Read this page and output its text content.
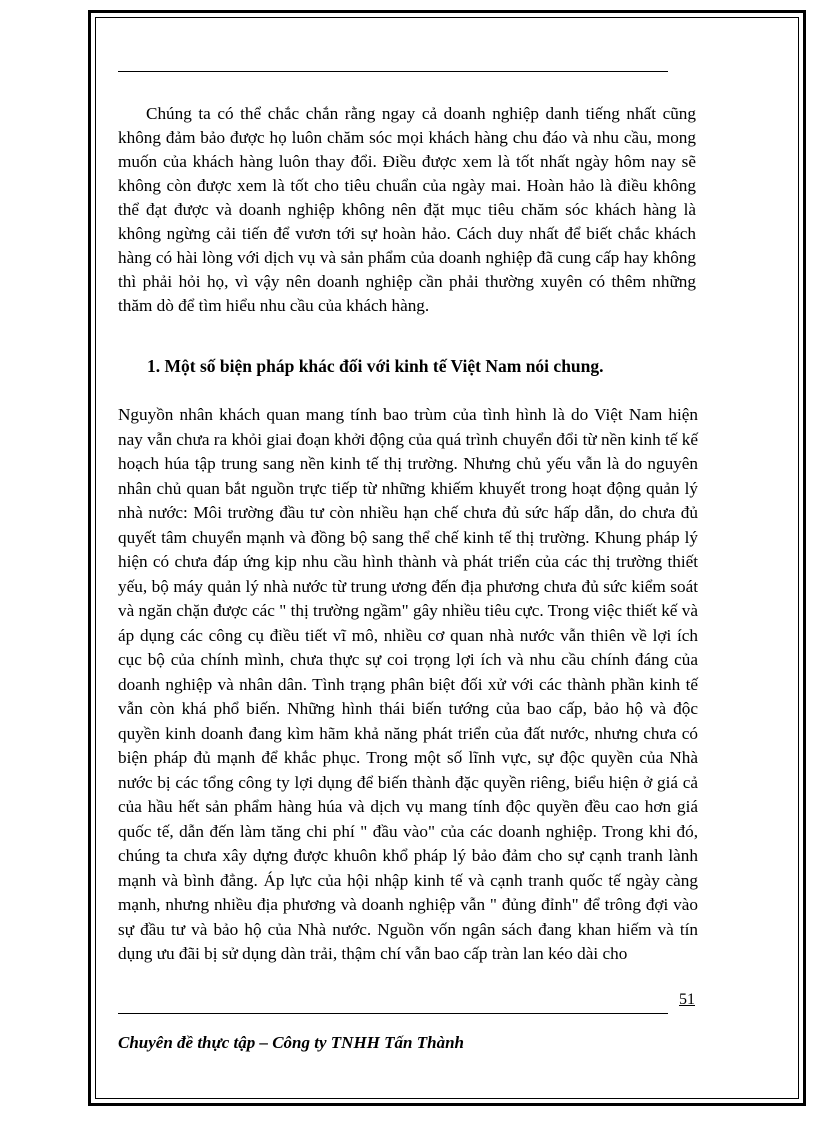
Chúng ta có thể chắc chắn rằng ngay cả doanh nghiệp danh tiếng nhất cũng không đảm bảo được họ luôn chăm sóc mọi khách hàng chu đáo và nhu cầu, mong muốn của khách hàng luôn thay đổi. Điều được xem là tốt nhất ngày hôm nay sẽ không còn được xem là tốt cho tiêu chuẩn của ngày mai. Hoàn hảo là điều không thể đạt được và doanh nghiệp không nên đặt mục tiêu chăm sóc khách hàng là không ngừng cải tiến để vươn tới sự hoàn hảo. Cách duy nhất để biết chắc khách hàng có hài lòng với dịch vụ và sản phẩm của doanh nghiệp đã cung cấp hay không thì phải hỏi họ, vì vậy nên doanh nghiệp cần phải thường xuyên có thêm những thăm dò để tìm hiểu nhu cầu của khách hàng.

1. Một số biện pháp khác đối với kinh tế Việt Nam nói chung.

Nguyồn nhân khách quan mang tính bao trùm của tình hình là do Việt Nam hiện nay vẫn chưa ra khỏi giai đoạn khởi động của quá trình chuyển đổi từ nền kinh tế kế hoạch húa tập trung sang nền kinh tế thị trường. Nhưng chủ yếu vẫn là do nguyên nhân chủ quan bắt nguồn trực tiếp từ những khiếm khuyết trong hoạt động quản lý nhà nước: Môi trường đầu tư còn nhiều hạn chế chưa đủ sức hấp dẫn, do chưa đủ quyết tâm chuyển mạnh và đồng bộ sang thể chế kinh tế thị trường. Khung pháp lý hiện có chưa đáp ứng kịp nhu cầu hình thành và phát triển của các thị trường thiết yếu, bộ máy quản lý nhà nước từ trung ương đến địa phương chưa đủ sức kiểm soát và ngăn chặn được các " thị trường ngầm" gây nhiều tiêu cực. Trong việc thiết kế và áp dụng các công cụ điều tiết vĩ mô, nhiều cơ quan nhà nước vẫn thiên về lợi ích cục bộ của chính mình, chưa thực sự coi trọng lợi ích và nhu cầu chính đáng của doanh nghiệp và nhân dân. Tình trạng phân biệt đối xử với các thành phần kinh tế vẫn còn khá phổ biến. Những hình thái biến tướng của bao cấp, bảo hộ và độc quyền kinh doanh đang kìm hãm khả năng phát triển của đất nước, nhưng chưa có biện pháp đủ mạnh để khắc phục. Trong một số lĩnh vực, sự độc quyền của Nhà nước bị các tổng công ty lợi dụng để biến thành đặc quyền riêng, biểu hiện ở giá cả của hầu hết sản phẩm hàng húa và dịch vụ mang tính độc quyền đều cao hơn giá quốc tế, dẫn đến làm tăng chi phí " đầu vào" của các doanh nghiệp. Trong khi đó, chúng ta chưa xây dựng được khuôn khổ pháp lý bảo đảm cho sự cạnh tranh lành mạnh và bình đẳng. Áp lực của hội nhập kinh tế và cạnh tranh quốc tế ngày càng mạnh, nhưng nhiều địa phương và doanh nghiệp vẫn " đủng đỉnh" để trông đợi vào sự đầu tư và bảo hộ của Nhà nước. Nguồn vốn ngân sách đang khan hiếm và tín dụng ưu đãi bị sử dụng dàn trải, thậm chí vẫn bao cấp tràn lan kéo dài cho

51
Chuyên đề thực tập – Công ty TNHH Tấn Thành
